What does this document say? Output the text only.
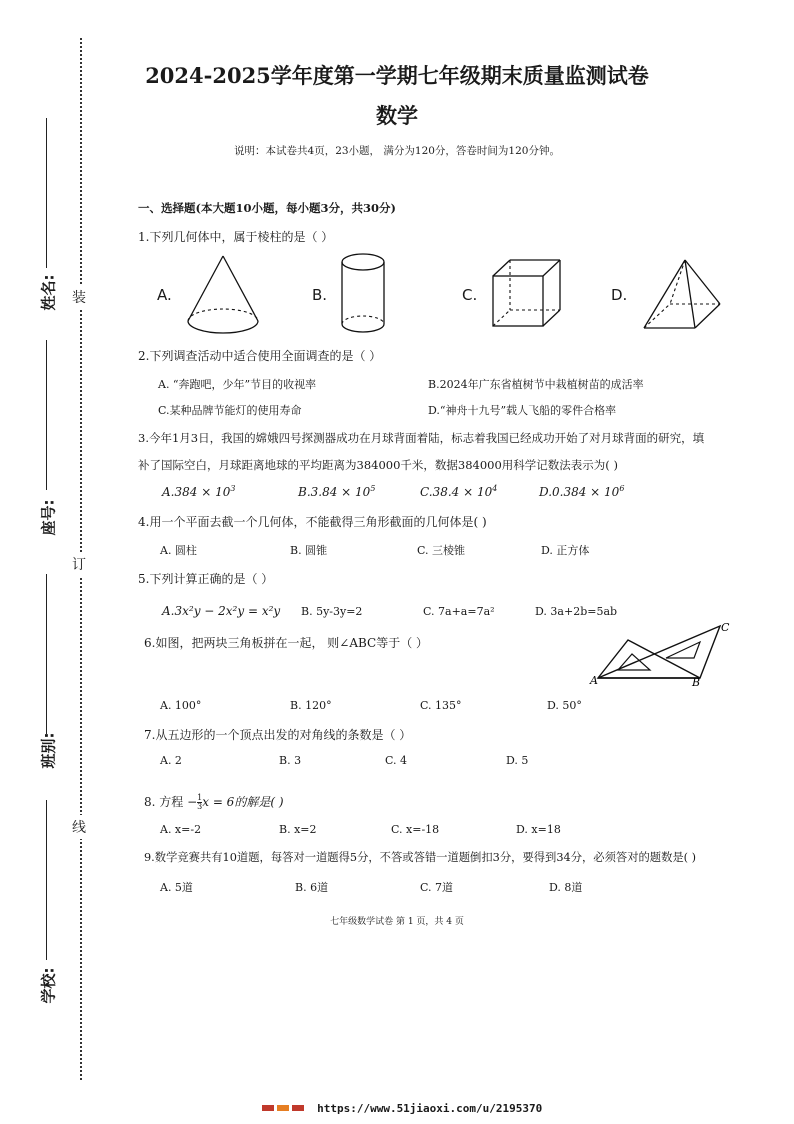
姓名:
座号:
班别:
学校:
装
订
线
2024-2025学年度第一学期七年级期末质量监测试卷
数学
说明：本试卷共4页，23小题， 满分为120分，答卷时间为120分钟。
一、选择题(本大题10小题，每小题3分，共30分)
1.下列几何体中，属于棱柱的是（ ）
A.	B.	C.	D.
2.下列调查活动中适合使用全面调查的是（ ）
A. “奔跑吧，少年”节目的收视率	B.2024年广东省植树节中栽植树苗的成活率
C.某种品牌节能灯的使用寿命	D.“神舟十九号”载人飞船的零件合格率
3.今年1月3日，我国的嫦娥四号探测器成功在月球背面着陆，标志着我国已经成功开始了对月球背面的研究，填
补了国际空白，月球距离地球的平均距离为384000千米，数据384000用科学记数法表示为( )
$A.384 \times 10^3$	$B.3.84 \times 10^5$	$C.38.4 \times 10^4$	$D.0.384 \times 10^6$
4.用一个平面去截一个几何体，不能截得三角形截面的几何体是( )
A. 圆柱	B. 圆锥	C. 三棱锥	D. 正方体
5.下列计算正确的是（ ）
A.3x²y − 2x²y = x²y B. 5y-3y=2	C. 7a+a=7a²	D. 3a+2b=5ab
6.如图，把两块三角板拼在一起， 则∠ABC等于（ ）
A	B
C
A. 100°	B. 120°	C. 135°	D. 50°
7.从五边形的一个顶点出发的对角线的条数是（ ）
A. 2	B. 3	C. 4	D. 5
8. 方程 − $\frac{1}{3}$ x = 6的解是( )
A. x=-2	B. x=2	C. x=-18	D. x=18
9.数学竞赛共有10道题，每答对一道题得5分，不答或答错一道题倒扣3分，要得到34分，必须答对的题数是( )
A. 5道	B. 6道	C. 7道	D. 8道
七年级数学试卷 第 1 页，共 4 页
https://www.51jiaoxi.com/u/2195370
